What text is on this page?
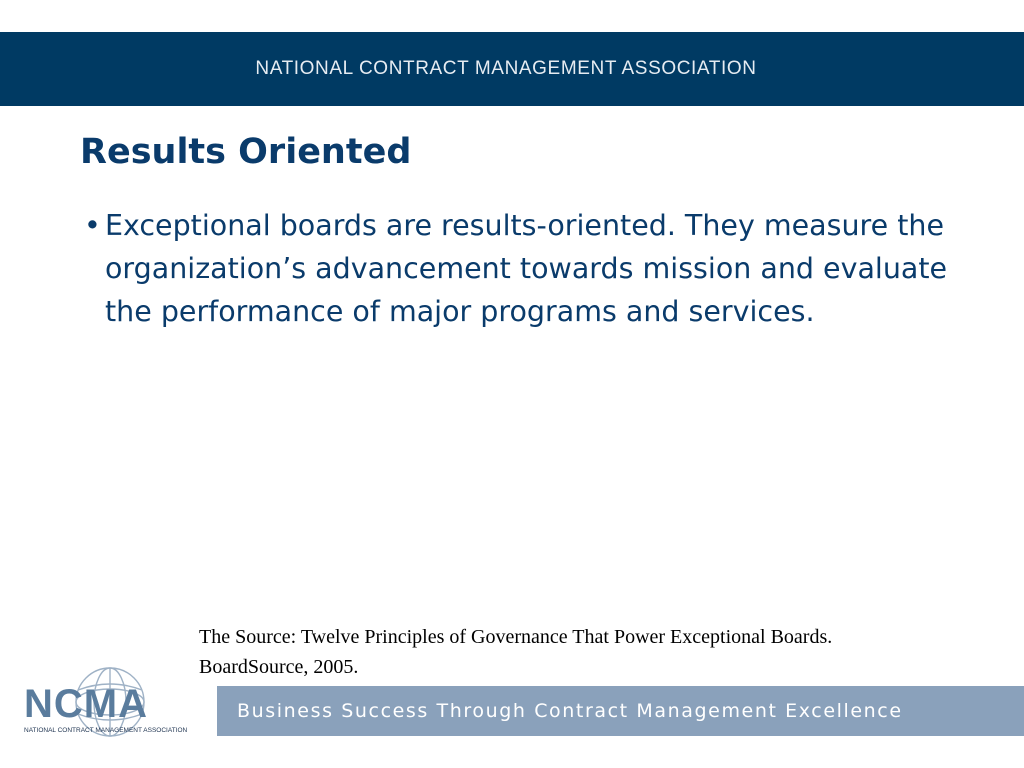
NATIONAL CONTRACT MANAGEMENT ASSOCIATION
Results Oriented
• Exceptional boards are results-oriented. They measure the organization’s advancement towards mission and evaluate the performance of major programs and services.

The Source: Twelve Principles of Governance That Power Exceptional Boards.
BoardSource, 2005.

NCMA
NATIONAL CONTRACT MANAGEMENT ASSOCIATION
Business Success Through Contract Management Excellence
